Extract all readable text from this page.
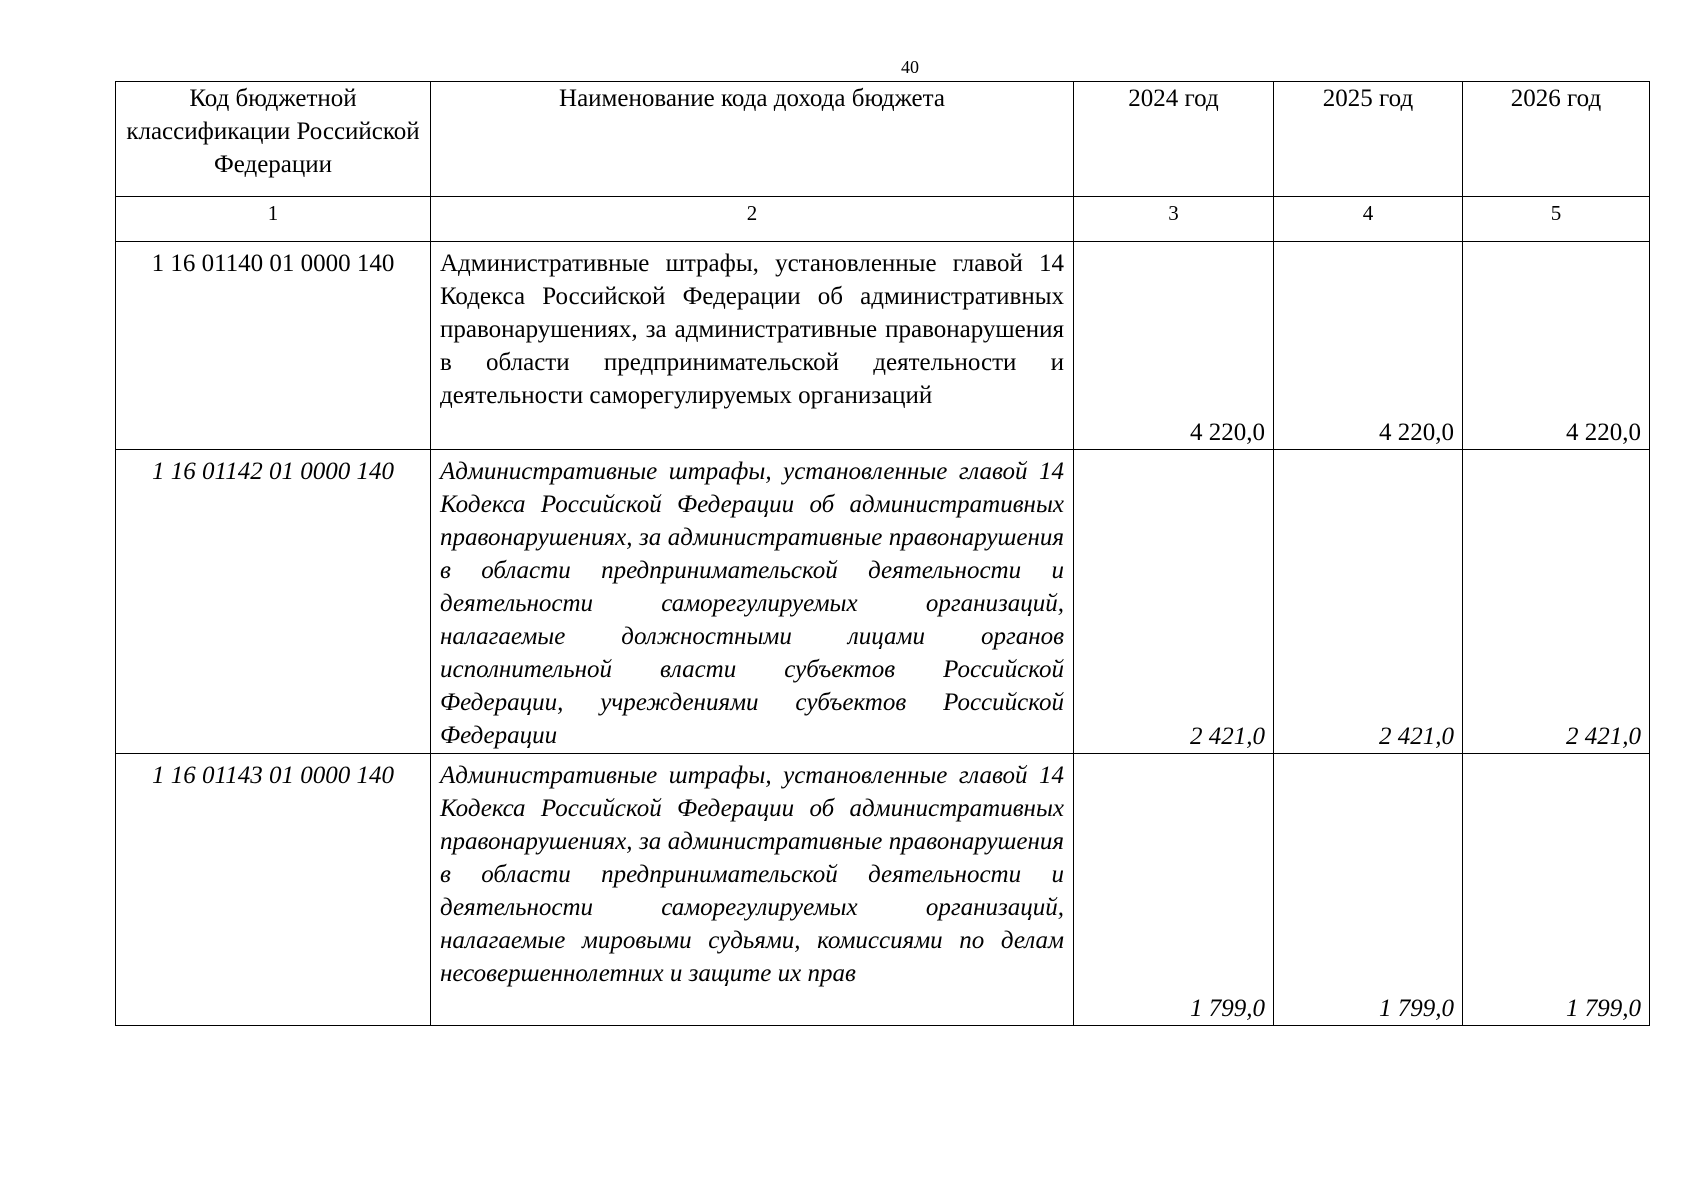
40
Код бюджетной классификации Российской Федерации	Наименование кода дохода бюджета	2024 год	2025 год	2026 год
1	2	3	4	5
1 16 01140 01 0000 140	Административные штрафы, установленные главой 14 Кодекса Российской Федерации об административных правонарушениях, за административные правонарушения в области предпринимательской деятельности и деятельности саморегулируемых организаций	4 220,0	4 220,0	4 220,0
1 16 01142 01 0000 140	Административные штрафы, установленные главой 14 Кодекса Российской Федерации об административных правонарушениях, за административные правонарушения в области предпринимательской деятельности и деятельности саморегулируемых организаций, налагаемые должностными лицами органов исполнительной власти субъектов Российской Федерации, учреждениями субъектов Российской Федерации	2 421,0	2 421,0	2 421,0
1 16 01143 01 0000 140	Административные штрафы, установленные главой 14 Кодекса Российской Федерации об административных правонарушениях, за административные правонарушения в области предпринимательской деятельности и деятельности саморегулируемых организаций, налагаемые мировыми судьями, комиссиями по делам несовершеннолетних и защите их прав	1 799,0	1 799,0	1 799,0
